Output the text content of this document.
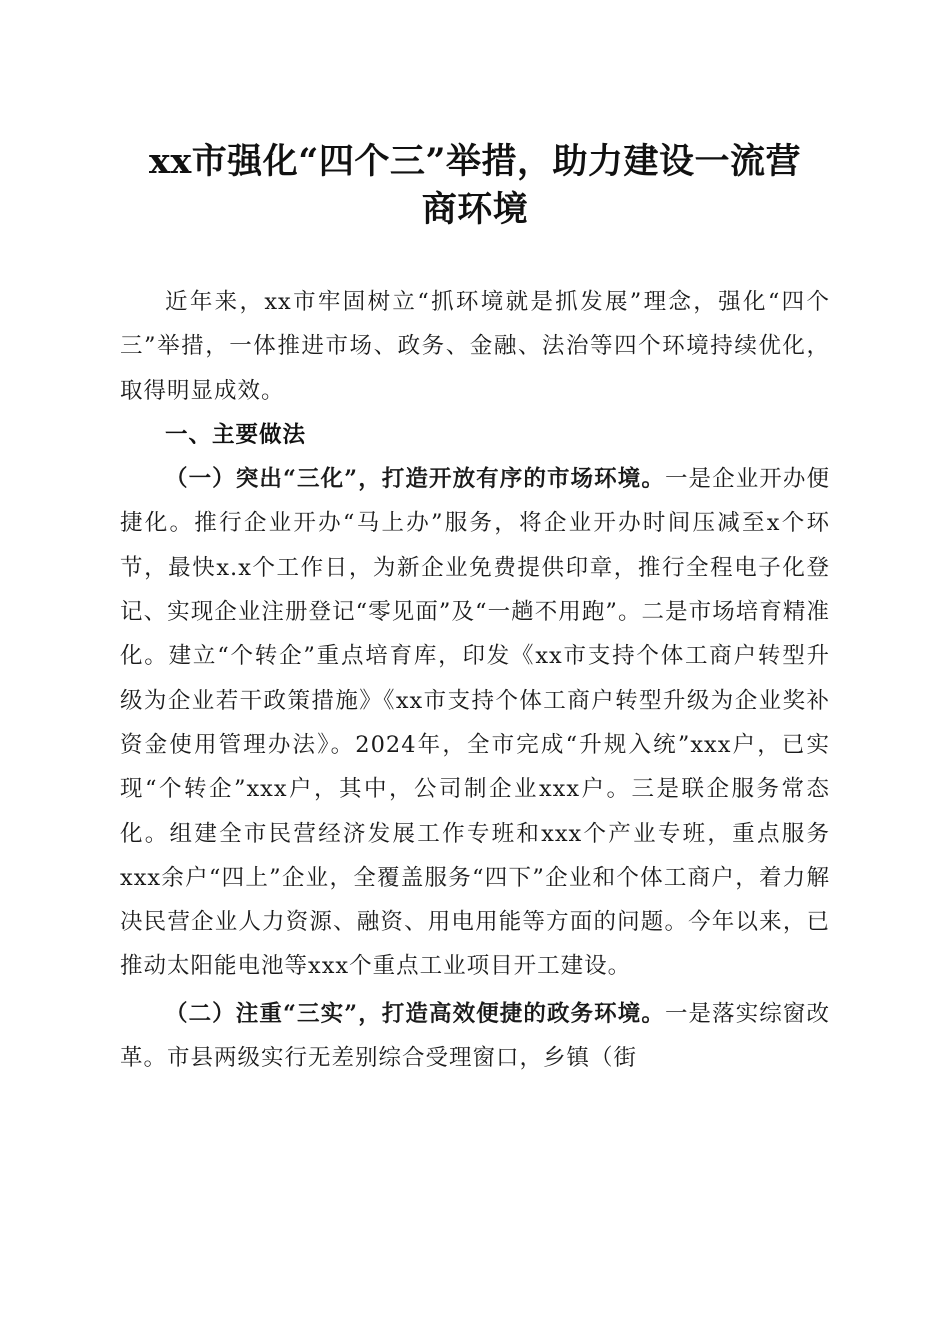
xx市强化“四个三”举措，助力建设一流营
商环境

近年来，xx市牢固树立“抓环境就是抓发展”理念，强化“四个三”举措，一体推进市场、政务、金融、法治等四个环境持续优化，取得明显成效。

一、主要做法

（一）突出“三化”，打造开放有序的市场环境。一是企业开办便捷化。推行企业开办“马上办”服务，将企业开办时间压减至x个环节，最快x.x个工作日，为新企业免费提供印章，推行全程电子化登记、实现企业注册登记“零见面”及“一趟不用跑”。二是市场培育精准化。建立“个转企”重点培育库，印发《xx市支持个体工商户转型升级为企业若干政策措施》《xx市支持个体工商户转型升级为企业奖补资金使用管理办法》。2024年，全市完成“升规入统”xxx户，已实现“个转企”xxx户，其中，公司制企业xxx户。三是联企服务常态化。组建全市民营经济发展工作专班和xxx个产业专班，重点服务xxx余户“四上”企业，全覆盖服务“四下”企业和个体工商户，着力解决民营企业人力资源、融资、用电用能等方面的问题。今年以来，已推动太阳能电池等xxx个重点工业项目开工建设。

（二）注重“三实”，打造高效便捷的政务环境。一是落实综窗改革。市县两级实行无差别综合受理窗口，乡镇（街
